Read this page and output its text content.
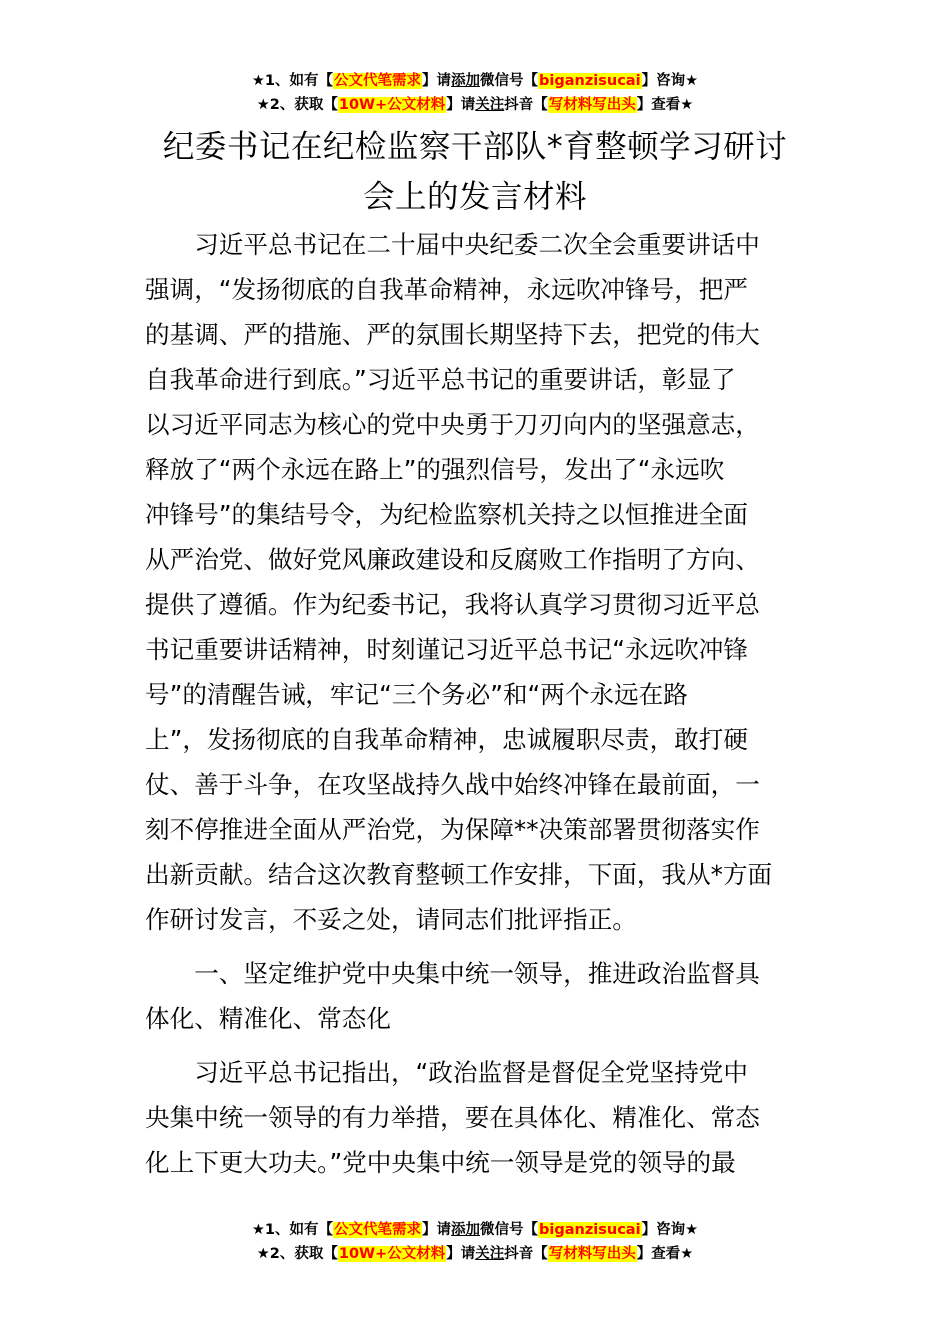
★1、如有【公文代笔需求】请添加微信号【biganzisucai】咨询★
★2、获取【10W+公文材料】请关注抖音【写材料写出头】查看★
纪委书记在纪检监察干部队*育整顿学习研讨
会上的发言材料

　　习近平总书记在二十届中央纪委二次全会重要讲话中
强调，“发扬彻底的自我革命精神，永远吹冲锋号，把严
的基调、严的措施、严的氛围长期坚持下去，把党的伟大
自我革命进行到底。”习近平总书记的重要讲话，彰显了
以习近平同志为核心的党中央勇于刀刃向内的坚强意志，
释放了“两个永远在路上”的强烈信号，发出了“永远吹
冲锋号”的集结号令，为纪检监察机关持之以恒推进全面
从严治党、做好党风廉政建设和反腐败工作指明了方向、
提供了遵循。作为纪委书记，我将认真学习贯彻习近平总
书记重要讲话精神，时刻谨记习近平总书记“永远吹冲锋
号”的清醒告诫，牢记“三个务必”和“两个永远在路
上”，发扬彻底的自我革命精神，忠诚履职尽责，敢打硬
仗、善于斗争，在攻坚战持久战中始终冲锋在最前面，一
刻不停推进全面从严治党，为保障**决策部署贯彻落实作
出新贡献。结合这次教育整顿工作安排，下面，我从*方面
作研讨发言，不妥之处，请同志们批评指正。

　　一、坚定维护党中央集中统一领导，推进政治监督具
体化、精准化、常态化

　　习近平总书记指出，“政治监督是督促全党坚持党中
央集中统一领导的有力举措，要在具体化、精准化、常态
化上下更大功夫。”党中央集中统一领导是党的领导的最

★1、如有【公文代笔需求】请添加微信号【biganzisucai】咨询★
★2、获取【10W+公文材料】请关注抖音【写材料写出头】查看★
